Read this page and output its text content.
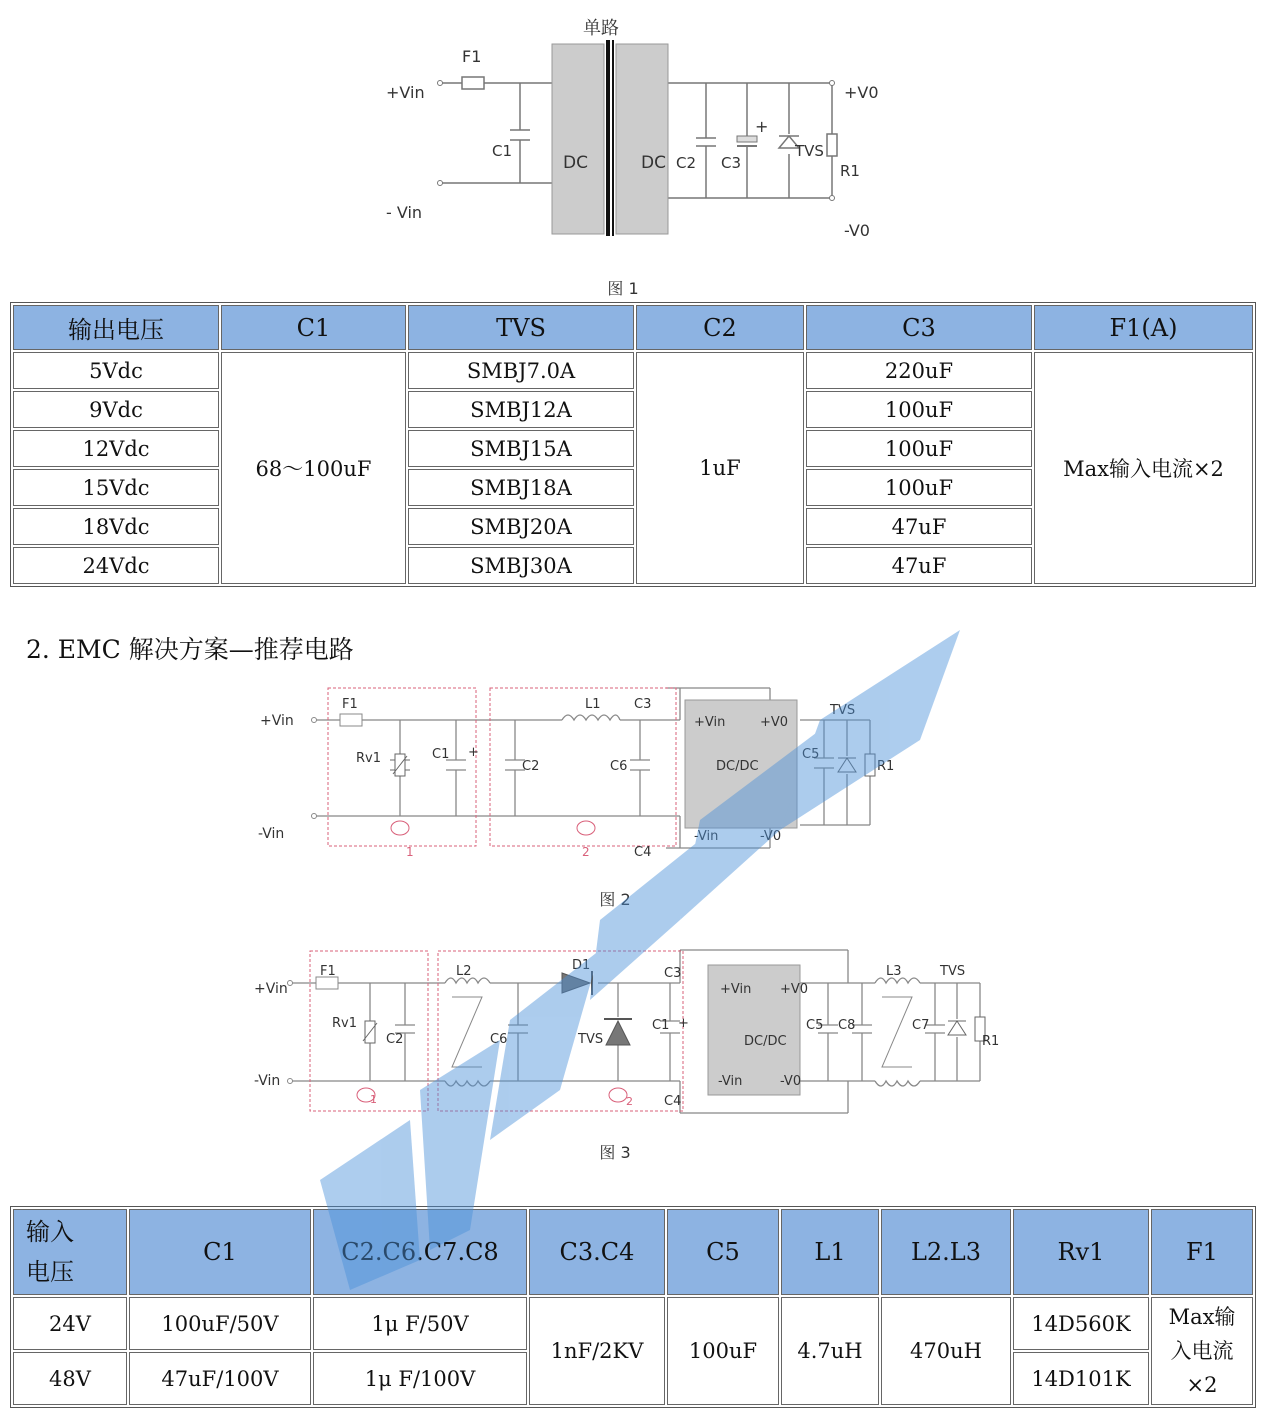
单路
F1
+Vin
- Vin
C1
DC	DC C2 C3
+
TVS
R1
+V0
-V0
图 1
输出电压	C1	TVS	C2	C3	F1(A)
5Vdc	68～100uF	SMBJ7.0A	1uF	220uF	Max输入电流×2
9Vdc		SMBJ12A		100uF	
12Vdc		SMBJ15A		100uF	
15Vdc		SMBJ18A		100uF	
18Vdc		SMBJ20A		47uF	
24Vdc		SMBJ30A		47uF	
2. EMC 解决方案—推荐电路
+Vin
-Vin
F1
Rv1	C1 +
C2
L1	C3
C6
C4
+Vin	+V0
DC/DC
-Vin	-V0
TVS
C5
R1
1	2
图 2
+Vin
-Vin
F1
Rv1
C2
L2
C6
D1
TVS
C3
C1 +
C4
+Vin +V0
DC/DC
-Vin	-V0
C5 C8
L3
C7
TVS
R1
1	2
图 3
输入
电压	C1	C2.C6.C7.C8	C3.C4	C5	L1	L2.L3	Rv1	F1
24V	100uF/50V	1μ F/50V	1nF/2KV	100uF	4.7uH	470uH	14D560K	Max输
入电流
×2
48V	47uF/100V	1μ F/100V					14D101K	
